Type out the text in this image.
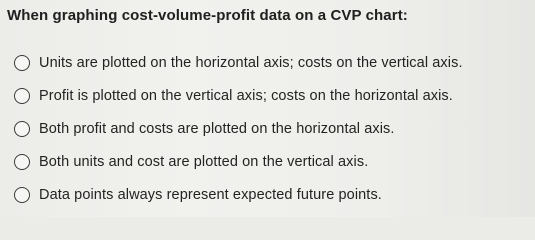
When graphing cost-volume-profit data on a CVP chart:
Units are plotted on the horizontal axis; costs on the vertical axis.
Profit is plotted on the vertical axis; costs on the horizontal axis.
Both profit and costs are plotted on the horizontal axis.
Both units and cost are plotted on the vertical axis.
Data points always represent expected future points.
